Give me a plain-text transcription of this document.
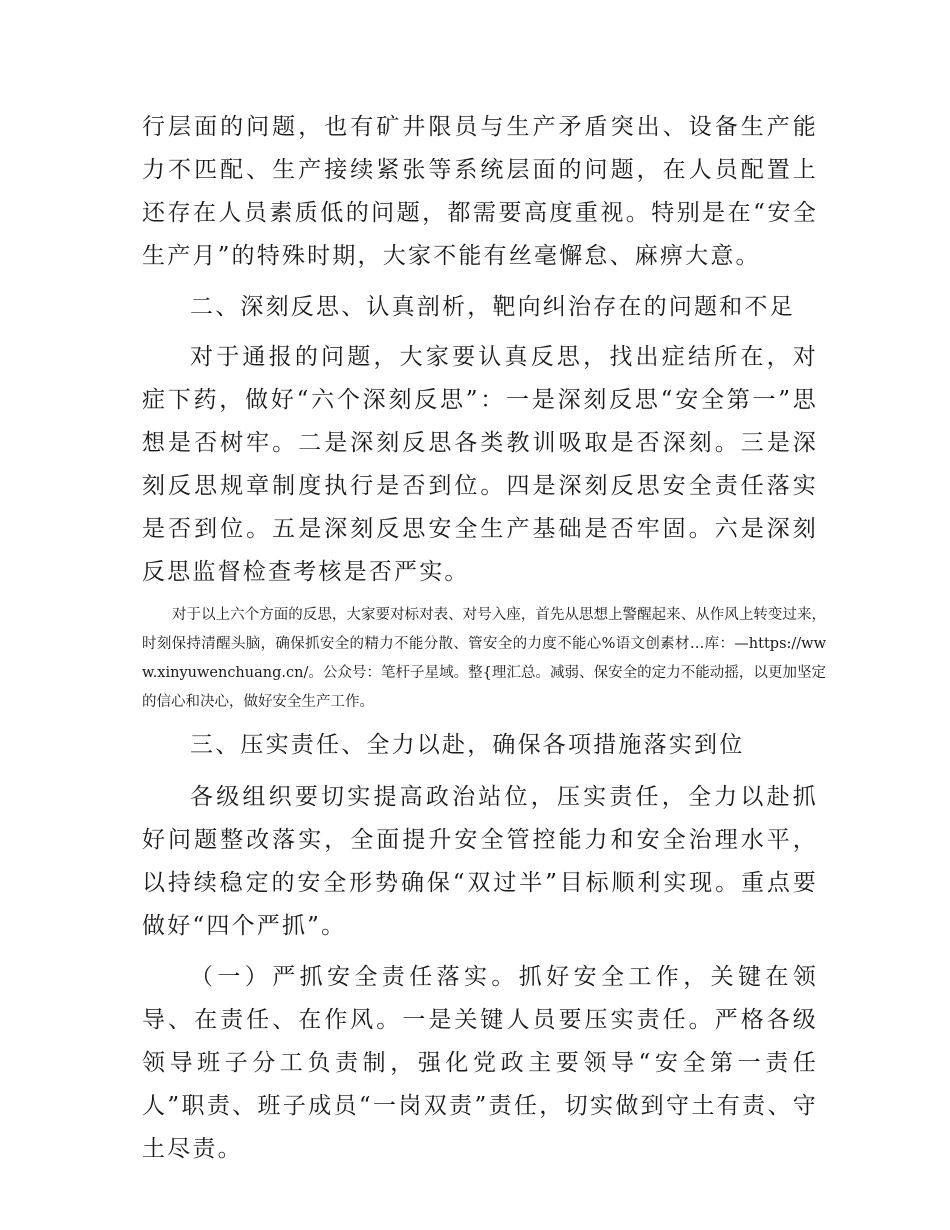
行层面的问题，也有矿井限员与生产矛盾突出、设备生产能力不匹配、生产接续紧张等系统层面的问题，在人员配置上还存在人员素质低的问题，都需要高度重视。特别是在“安全生产月”的特殊时期，大家不能有丝毫懈怠、麻痹大意。

二、深刻反思、认真剖析，靶向纠治存在的问题和不足

对于通报的问题，大家要认真反思，找出症结所在，对症下药，做好“六个深刻反思”：一是深刻反思“安全第一”思想是否树牢。二是深刻反思各类教训吸取是否深刻。三是深刻反思规章制度执行是否到位。四是深刻反思安全责任落实是否到位。五是深刻反思安全生产基础是否牢固。六是深刻反思监督检查考核是否严实。

对于以上六个方面的反思，大家要对标对表、对号入座，首先从思想上警醒起来、从作风上转变过来，时刻保持清醒头脑，确保抓安全的精力不能分散、管安全的力度不能心%语文创素材…库：—https://www.xinyuwenchuang.cn/。公众号：笔杆子星域。整{理汇总。减弱、保安全的定力不能动摇，以更加坚定的信心和决心，做好安全生产工作。

三、压实责任、全力以赴，确保各项措施落实到位

各级组织要切实提高政治站位，压实责任，全力以赴抓好问题整改落实，全面提升安全管控能力和安全治理水平，以持续稳定的安全形势确保“双过半”目标顺利实现。重点要做好“四个严抓”。

（一）严抓安全责任落实。抓好安全工作，关键在领导、在责任、在作风。一是关键人员要压实责任。严格各级领导班子分工负责制，强化党政主要领导“安全第一责任人”职责、班子成员“一岗双责”责任，切实做到守土有责、守土尽责。
